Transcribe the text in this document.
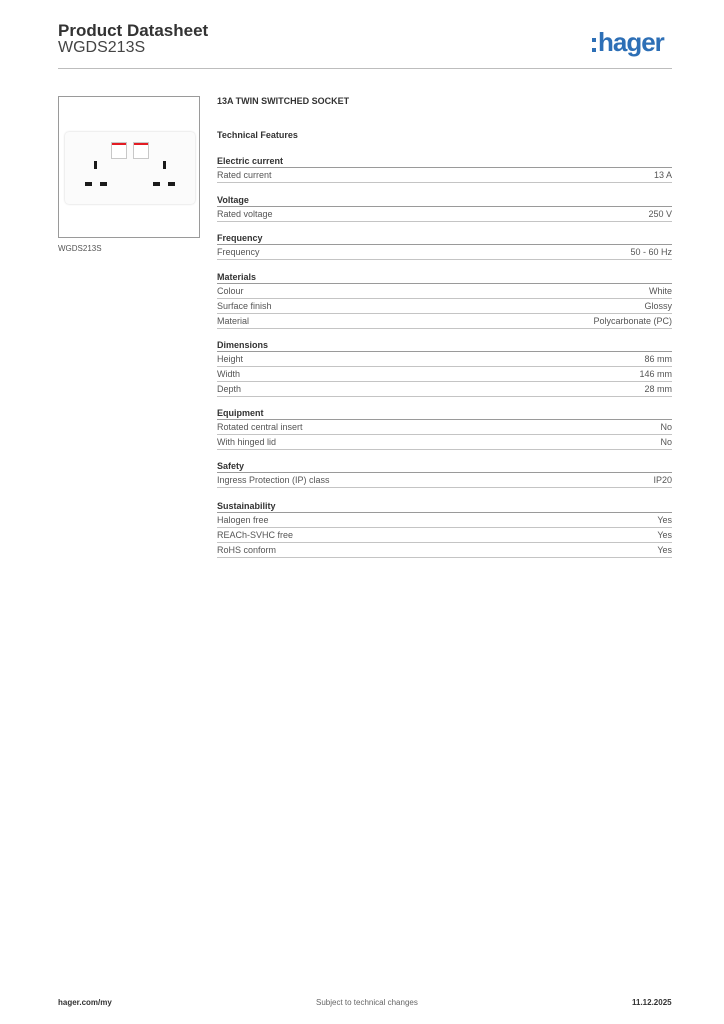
Product Datasheet
WGDS213S	hager
WGDS213S
13A TWIN SWITCHED SOCKET
Technical Features
Electric current
Rated current	13 A
Voltage
Rated voltage	250 V
Frequency
Frequency	50 - 60 Hz
Materials
Colour	White
Surface finish	Glossy
Material	Polycarbonate (PC)
Dimensions
Height	86 mm
Width	146 mm
Depth	28 mm
Equipment
Rotated central insert	No
With hinged lid	No
Safety
Ingress Protection (IP) class	IP20
Sustainability
Halogen free	Yes
REACh-SVHC free	Yes
RoHS conform	Yes
hager.com/my	Subject to technical changes	11.12.2025
